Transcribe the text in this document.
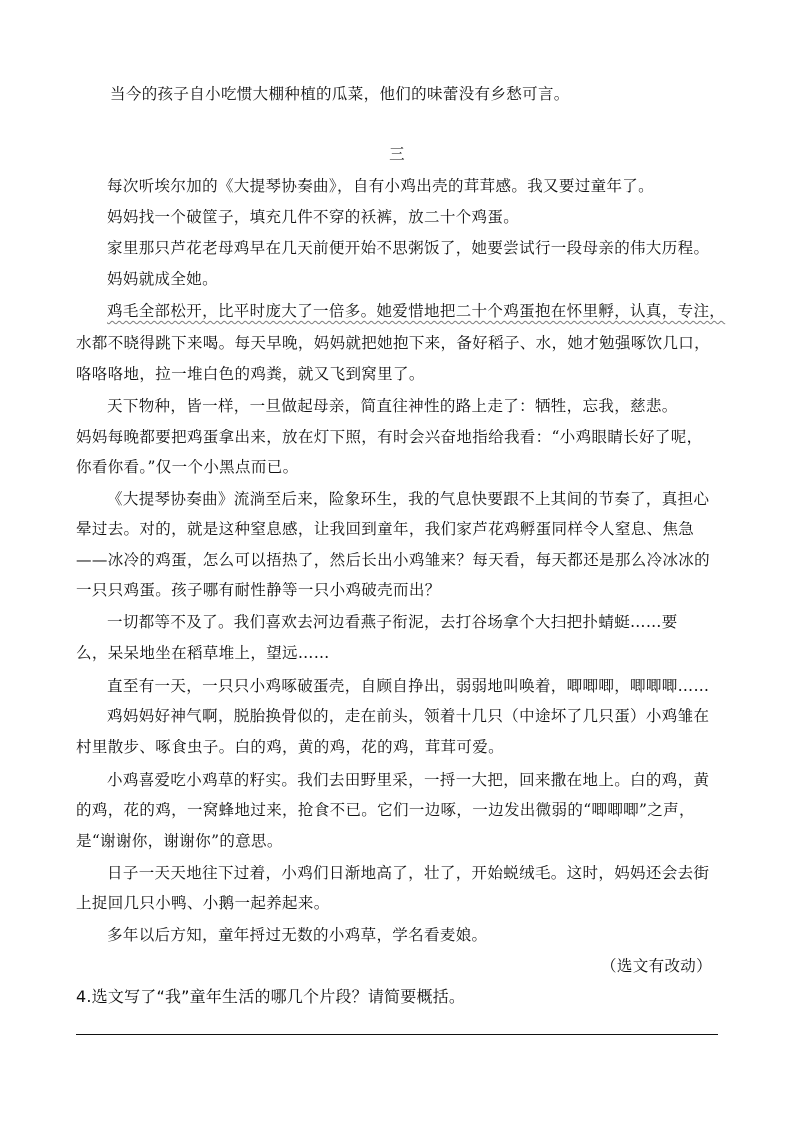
当今的孩子自小吃惯大棚种植的瓜菜，他们的味蕾没有乡愁可言。
三
每次听埃尔加的《大提琴协奏曲》，自有小鸡出壳的茸茸感。我又要过童年了。
妈妈找一个破筐子，填充几件不穿的袄裤，放二十个鸡蛋。
家里那只芦花老母鸡早在几天前便开始不思粥饭了，她要尝试行一段母亲的伟大历程。
妈妈就成全她。
鸡毛全部松开，比平时庞大了一倍多。她爱惜地把二十个鸡蛋抱在怀里孵，认真，专注，
水都不晓得跳下来喝。每天早晚，妈妈就把她抱下来，备好稻子、水，她才勉强啄饮几口，
咯咯咯地，拉一堆白色的鸡粪，就又飞到窝里了。
天下物种，皆一样，一旦做起母亲，简直往神性的路上走了：牺牲，忘我，慈悲。
妈妈每晚都要把鸡蛋拿出来，放在灯下照，有时会兴奋地指给我看：“小鸡眼睛长好了呢，
你看你看。”仅一个小黑点而已。
《大提琴协奏曲》流淌至后来，险象环生，我的气息快要跟不上其间的节奏了，真担心
晕过去。对的，就是这种窒息感，让我回到童年，我们家芦花鸡孵蛋同样令人窒息、焦急
——冰冷的鸡蛋，怎么可以捂热了，然后长出小鸡雏来？每天看，每天都还是那么冷冰冰的
一只只鸡蛋。孩子哪有耐性静等一只小鸡破壳而出？
一切都等不及了。我们喜欢去河边看燕子衔泥，去打谷场拿个大扫把扑蜻蜓……要
么，呆呆地坐在稻草堆上，望远……
直至有一天，一只只小鸡啄破蛋壳，自顾自挣出，弱弱地叫唤着，唧唧唧，唧唧唧……
鸡妈妈好神气啊，脱胎换骨似的，走在前头，领着十几只（中途坏了几只蛋）小鸡雏在
村里散步、啄食虫子。白的鸡，黄的鸡，花的鸡，茸茸可爱。
小鸡喜爱吃小鸡草的籽实。我们去田野里采，一捋一大把，回来撒在地上。白的鸡，黄
的鸡，花的鸡，一窝蜂地过来，抢食不已。它们一边啄，一边发出微弱的“唧唧唧”之声，
是“谢谢你，谢谢你”的意思。
日子一天天地往下过着，小鸡们日渐地高了，壮了，开始蜕绒毛。这时，妈妈还会去街
上捉回几只小鸭、小鹅一起养起来。
多年以后方知，童年捋过无数的小鸡草，学名看麦娘。
（选文有改动）
4.选文写了“我”童年生活的哪几个片段？请简要概括。
